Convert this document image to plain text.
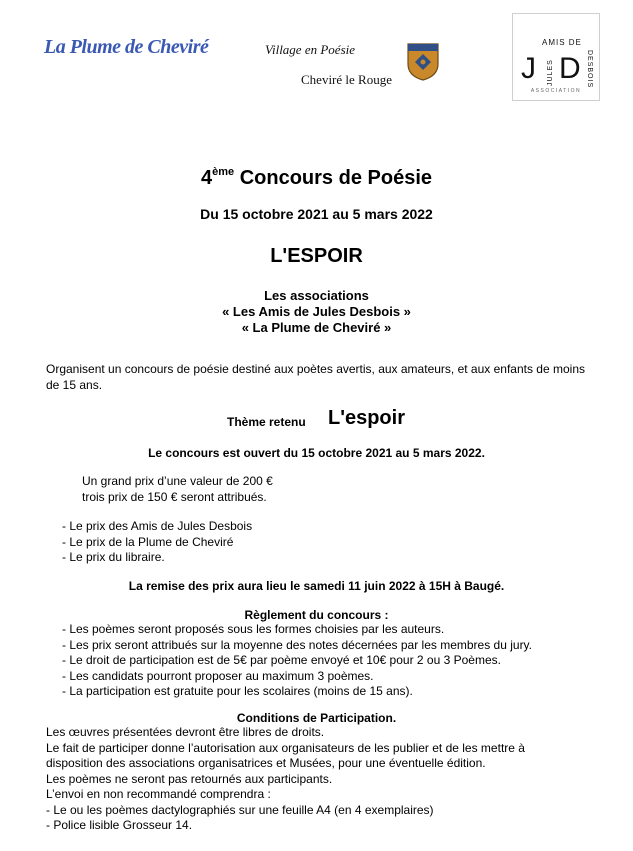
La Plume de Cheviré	Village en Poésie
Cheviré le Rouge
AMIS DE
J JULES D DESBOIS
ASSOCIATION
4ème Concours de Poésie
Du 15 octobre 2021 au 5 mars 2022
L'ESPOIR
Les associations
« Les Amis de Jules Desbois »
« La Plume de Cheviré »
Organisent un concours de poésie destiné aux poètes avertis, aux amateurs, et aux enfants de moins de 15 ans.
Thème retenu L'espoir
Le concours est ouvert du 15 octobre 2021 au 5 mars 2022.
Un grand prix d’une valeur de 200 €
trois prix de 150 € seront attribués.
- Le prix des Amis de Jules Desbois
- Le prix de la Plume de Cheviré
- Le prix du libraire.
La remise des prix aura lieu le samedi 11 juin 2022 à 15H à Baugé.
Règlement du concours :
- Les poèmes seront proposés sous les formes choisies par les auteurs.
- Les prix seront attribués sur la moyenne des notes décernées par les membres du jury.
- Le droit de participation est de 5€ par poème envoyé et 10€ pour 2 ou 3 Poèmes.
- Les candidats pourront proposer au maximum 3 poèmes.
- La participation est gratuite pour les scolaires (moins de 15 ans).
Conditions de Participation.
Les œuvres présentées devront être libres de droits.
Le fait de participer donne l’autorisation aux organisateurs de les publier et de les mettre à
disposition des associations organisatrices et Musées, pour une éventuelle édition.
Les poèmes ne seront pas retournés aux participants.
L’envoi en non recommandé comprendra :
- Le ou les poèmes dactylographiés sur une feuille A4 (en 4 exemplaires)
- Police lisible Grosseur 14.
